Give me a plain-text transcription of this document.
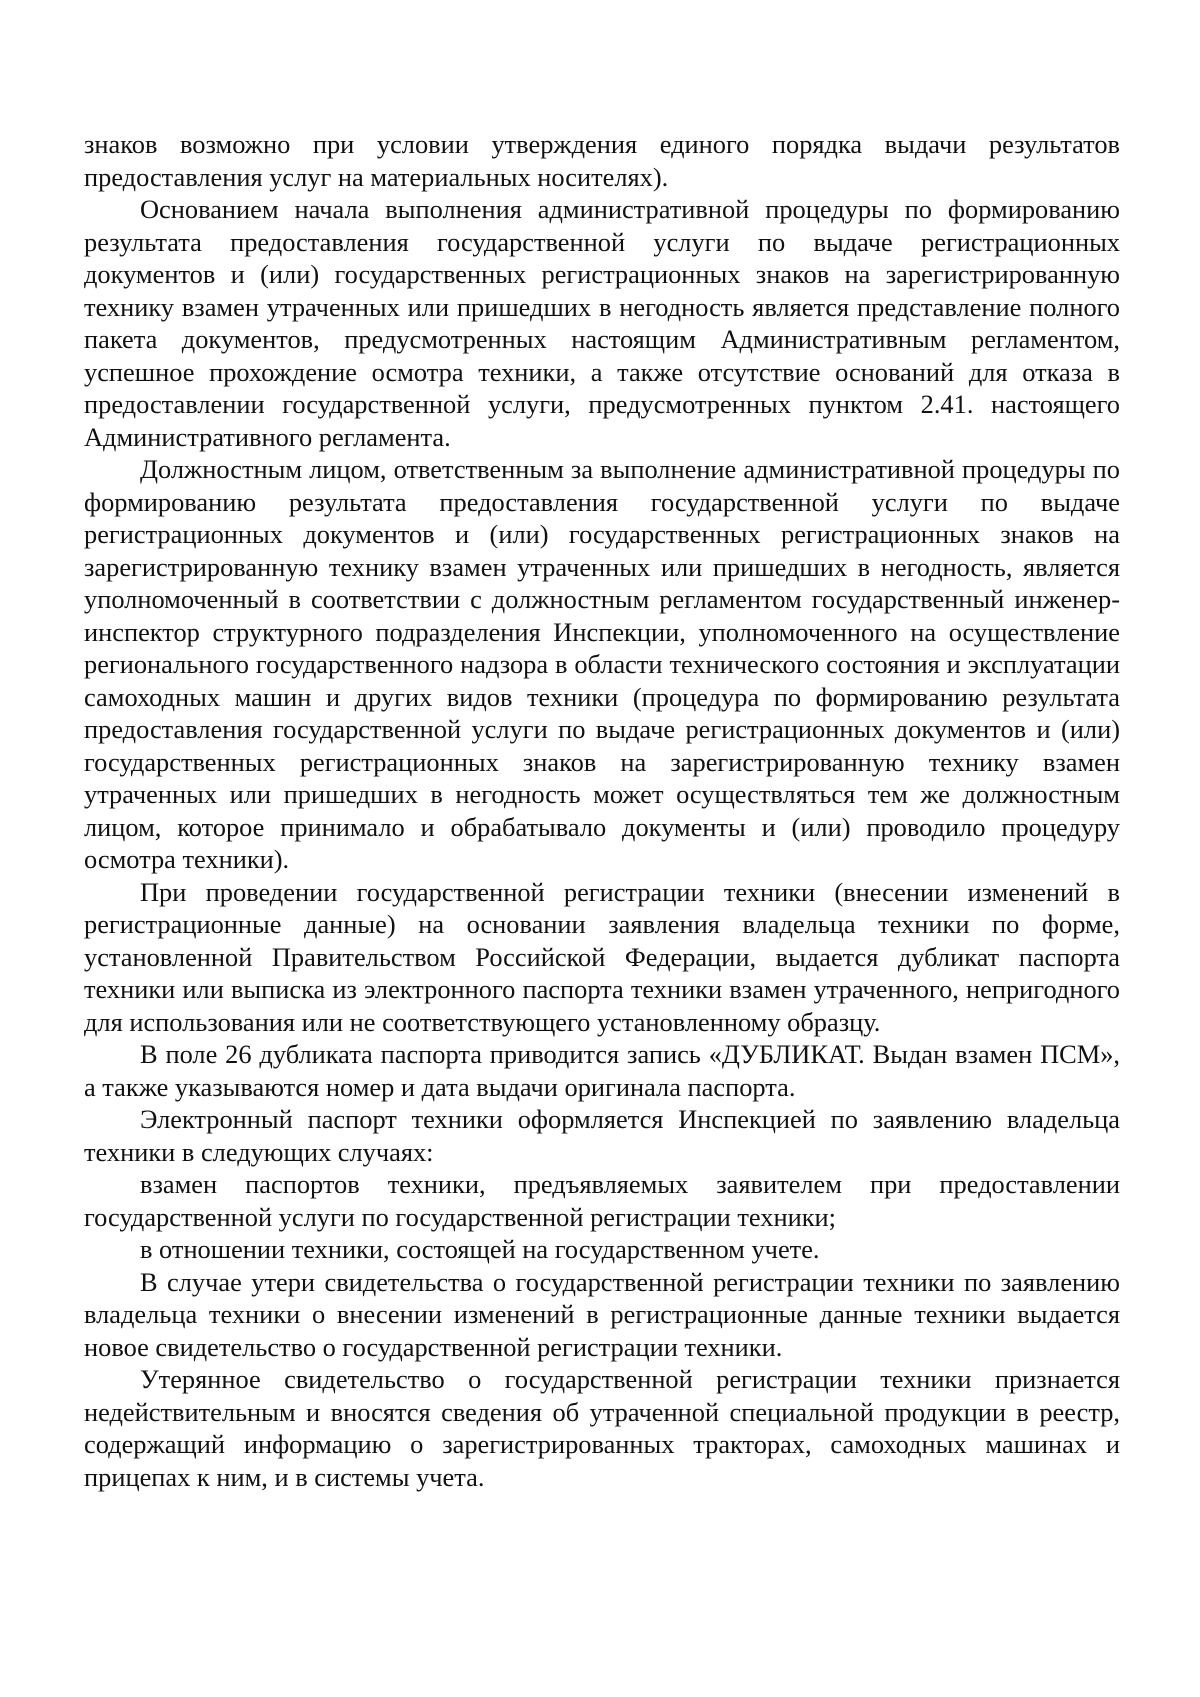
знаков возможно при условии утверждения единого порядка выдачи результатов предоставления услуг на материальных носителях).

Основанием начала выполнения административной процедуры по формированию результата предоставления государственной услуги по выдаче регистрационных документов и (или) государственных регистрационных знаков на зарегистрированную технику взамен утраченных или пришедших в негодность является представление полного пакета документов, предусмотренных настоящим Административным регламентом, успешное прохождение осмотра техники, а также отсутствие оснований для отказа в предоставлении государственной услуги, предусмотренных пунктом 2.41. настоящего Административного регламента.

Должностным лицом, ответственным за выполнение административной процедуры по формированию результата предоставления государственной услуги по выдаче регистрационных документов и (или) государственных регистрационных знаков на зарегистрированную технику взамен утраченных или пришедших в негодность, является уполномоченный в соответствии с должностным регламентом государственный инженер-инспектор структурного подразделения Инспекции, уполномоченного на осуществление регионального государственного надзора в области технического состояния и эксплуатации самоходных машин и других видов техники (процедура по формированию результата предоставления государственной услуги по выдаче регистрационных документов и (или) государственных регистрационных знаков на зарегистрированную технику взамен утраченных или пришедших в негодность может осуществляться тем же должностным лицом, которое принимало и обрабатывало документы и (или) проводило процедуру осмотра техники).

При проведении государственной регистрации техники (внесении изменений в регистрационные данные) на основании заявления владельца техники по форме, установленной Правительством Российской Федерации, выдается дубликат паспорта техники или выписка из электронного паспорта техники взамен утраченного, непригодного для использования или не соответствующего установленному образцу.

В поле 26 дубликата паспорта приводится запись «ДУБЛИКАТ. Выдан взамен ПСМ», а также указываются номер и дата выдачи оригинала паспорта.

Электронный паспорт техники оформляется Инспекцией по заявлению владельца техники в следующих случаях:

взамен паспортов техники, предъявляемых заявителем при предоставлении государственной услуги по государственной регистрации техники;

в отношении техники, состоящей на государственном учете.

В случае утери свидетельства о государственной регистрации техники по заявлению владельца техники о внесении изменений в регистрационные данные техники выдается новое свидетельство о государственной регистрации техники.

Утерянное свидетельство о государственной регистрации техники признается недействительным и вносятся сведения об утраченной специальной продукции в реестр, содержащий информацию о зарегистрированных тракторах, самоходных машинах и прицепах к ним, и в системы учета.
